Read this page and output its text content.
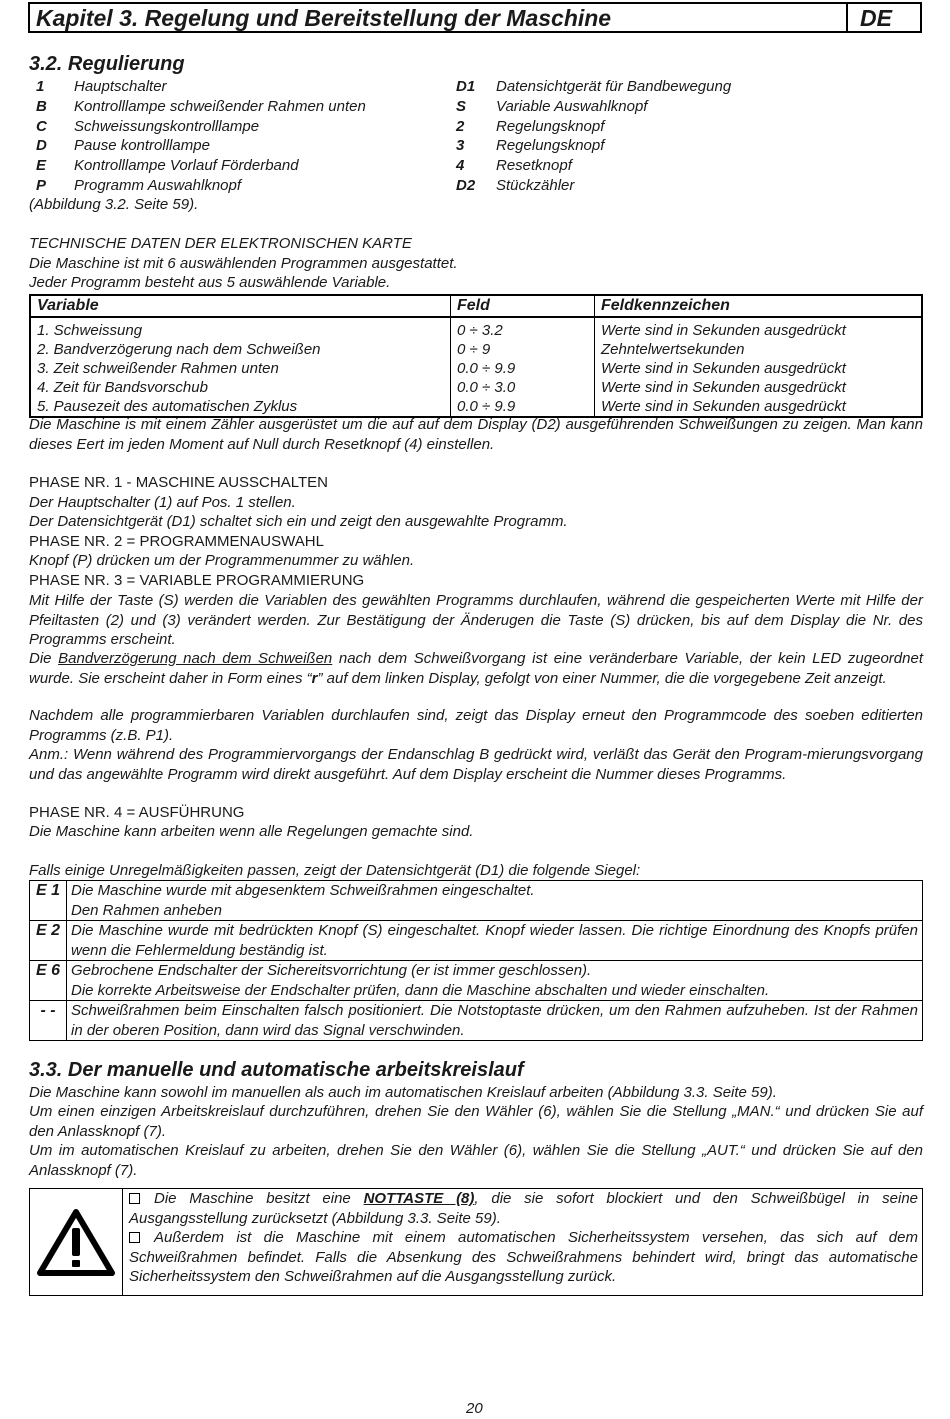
Kapitel 3. Regelung und Bereitstellung der Maschine	DE
3.2. Regulierung
1 Hauptschalter
B Kontrolllampe schweißender Rahmen unten
C Schweissungskontrolllampe
D Pause kontrolllampe
E Kontrolllampe Vorlauf Förderband
P Programm Auswahlknopf
D1 Datensichtgerät für Bandbewegung
S Variable Auswahlknopf
2 Regelungsknopf
3 Regelungsknopf
4 Resetknopf
D2 Stückzähler
(Abbildung 3.2. Seite 59).
TECHNISCHE DATEN DER ELEKTRONISCHEN KARTE
Die Maschine ist mit 6 auswählenden Programmen ausgestattet.
Jeder Programm besteht aus 5 auswählende Variable.
Variable	Feld	Feldkennzeichen
1. Schweissung	0 ÷ 3.2	Werte sind in Sekunden ausgedrückt
2. Bandverzögerung nach dem Schweißen	0 ÷ 9	Zehntelwertsekunden
3. Zeit schweißender Rahmen unten	0.0 ÷ 9.9	Werte sind in Sekunden ausgedrückt
4. Zeit für Bandsvorschub	0.0 ÷ 3.0	Werte sind in Sekunden ausgedrückt
5. Pausezeit des automatischen Zyklus	0.0 ÷ 9.9	Werte sind in Sekunden ausgedrückt
Die Maschine is mit einem Zähler ausgerüstet um die auf auf dem Display (D2) ausgeführenden Schweißungen zu zeigen. Man kann dieses Eert im jeden Moment auf Null durch Resetknopf (4) einstellen.
PHASE NR. 1 - MASCHINE AUSSCHALTEN
Der Hauptschalter (1) auf Pos. 1 stellen.
Der Datensichtgerät (D1) schaltet sich ein und zeigt den ausgewahlte Programm.
PHASE NR. 2 = PROGRAMMENAUSWAHL
Knopf (P) drücken um der Programmenummer zu wählen.
PHASE NR. 3 = VARIABLE PROGRAMMIERUNG
Mit Hilfe der Taste (S) werden die Variablen des gewählten Programms durchlaufen, während die gespeicherten Werte mit Hilfe der Pfeiltasten (2) und (3) verändert werden. Zur Bestätigung der Änderugen die Taste (S) drücken, bis auf dem Display die Nr. des Programms erscheint.
Die Bandverzögerung nach dem Schweißen nach dem Schweißvorgang ist eine veränderbare Variable, der kein LED zugeordnet wurde. Sie erscheint daher in Form eines “r” auf dem linken Display, gefolgt von einer Nummer, die die vorgegebene Zeit anzeigt.
Nachdem alle programmierbaren Variablen durchlaufen sind, zeigt das Display erneut den Programmcode des soeben editierten Programms (z.B. P1).
Anm.: Wenn während des Programmiervorgangs der Endanschlag B gedrückt wird, verläßt das Gerät den Program-mierungsvorgang und das angewählte Programm wird direkt ausgeführt. Auf dem Display erscheint die Nummer dieses Programms.
PHASE NR. 4 = AUSFÜHRUNG
Die Maschine kann arbeiten wenn alle Regelungen gemachte sind.
Falls einige Unregelmäßigkeiten passen, zeigt der Datensichtgerät (D1) die folgende Siegel:
E 1	Die Maschine wurde mit abgesenktem Schweißrahmen eingeschaltet.
Den Rahmen anheben

E 2	Die Maschine wurde mit bedrückten Knopf (S) eingeschaltet. Knopf wieder lassen. Die richtige Einordnung des Knopfs prüfen wenn die Fehlermeldung beständig ist.
E 6	Gebrochene Endschalter der Sichereitsvorrichtung (er ist immer geschlossen).
Die korrekte Arbeitsweise der Endschalter prüfen, dann die Maschine abschalten und wieder einschalten.

- -	Schweißrahmen beim Einschalten falsch positioniert. Die Notstoptaste drücken, um den Rahmen aufzuheben. Ist der Rahmen in der oberen Position, dann wird das Signal verschwinden.
3.3. Der manuelle und automatische arbeitskreislauf
Die Maschine kann sowohl im manuellen als auch im automatischen Kreislauf arbeiten (Abbildung 3.3. Seite 59).
Um einen einzigen Arbeitskreislauf durchzuführen, drehen Sie den Wähler (6), wählen Sie die Stellung „MAN.“ und drücken Sie auf den Anlassknopf (7).
Um im automatischen Kreislauf zu arbeiten, drehen Sie den Wähler (6), wählen Sie die Stellung „AUT.“ und drücken Sie auf den Anlassknopf (7).
Die Maschine besitzt eine NOTTASTE (8), die sie sofort blockiert und den Schweißbügel in seine Ausgangsstellung zurücksetzt (Abbildung 3.3. Seite 59).
Außerdem ist die Maschine mit einem automatischen Sicherheitssystem versehen, das sich auf dem Schweißrahmen befindet. Falls die Absenkung des Schweißrahmens behindert wird, bringt das automatische Sicherheitssystem den Schweißrahmen auf die Ausgangsstellung zurück.
20
